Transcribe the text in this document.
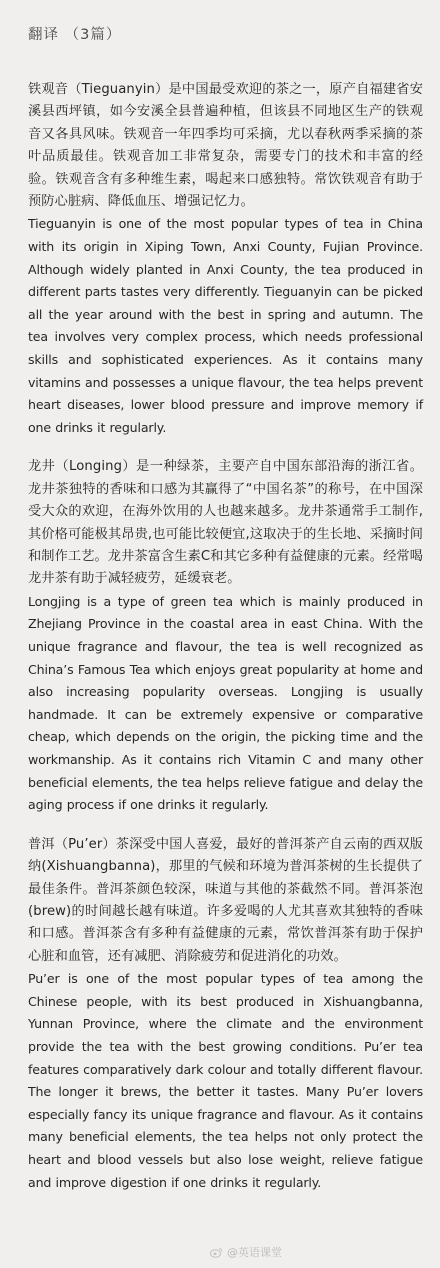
翻译 （3篇）

铁观音（Tieguanyin）是中国最受欢迎的茶之一，原产自福建省安溪县西坪镇，如今安溪全县普遍种植，但该县不同地区生产的铁观音又各具风味。铁观音一年四季均可采摘，尤以春秋两季采摘的茶叶品质最佳。铁观音加工非常复杂，需要专门的技术和丰富的经验。铁观音含有多种维生素，喝起来口感独特。常饮铁观音有助于预防心脏病、降低血压、增强记忆力。

Tieguanyin is one of the most popular types of tea in China with its origin in Xiping Town, Anxi County, Fujian Province. Although widely planted in Anxi County, the tea produced in different parts tastes very differently. Tieguanyin can be picked all the year around with the best in spring and autumn. The tea involves very complex process, which needs professional skills and sophisticated experiences. As it contains many vitamins and possesses a unique flavour, the tea helps prevent heart diseases, lower blood pressure and improve memory if one drinks it regularly.

龙井（Longing）是一种绿茶，主要产自中国东部沿海的浙江省。龙井茶独特的香味和口感为其赢得了“中国名茶”的称号，在中国深受大众的欢迎，在海外饮用的人也越来越多。龙井茶通常手工制作,其价格可能极其昂贵,也可能比较便宜,这取决于的生长地、采摘时间和制作工艺。龙井茶富含生素C和其它多种有益健康的元素。经常喝龙井茶有助于减轻疲劳，延缓衰老。

Longjing is a type of green tea which is mainly produced in Zhejiang Province in the coastal area in east China. With the unique fragrance and flavour, the tea is well recognized as China’s Famous Tea which enjoys great popularity at home and also increasing popularity overseas. Longjing is usually handmade. It can be extremely expensive or comparative cheap, which depends on the origin, the picking time and the workmanship. As it contains rich Vitamin C and many other beneficial elements, the tea helps relieve fatigue and delay the aging process if one drinks it regularly.

普洱（Pu’er）茶深受中国人喜爱，最好的普洱茶产自云南的西双版纳(Xishuangbanna)，那里的气候和环境为普洱茶树的生长提供了最佳条件。普洱茶颜色较深，味道与其他的茶截然不同。普洱茶泡(brew)的时间越长越有味道。许多爱喝的人尤其喜欢其独特的香味和口感。普洱茶含有多种有益健康的元素，常饮普洱茶有助于保护心脏和血管，还有减肥、消除疲劳和促进消化的功效。

Pu’er is one of the most popular types of tea among the Chinese people, with its best produced in Xishuangbanna, Yunnan Province, where the climate and the environment provide the tea with the best growing conditions. Pu’er tea features comparatively dark colour and totally different flavour. The longer it brews, the better it tastes. Many Pu’er lovers especially fancy its unique fragrance and flavour. As it contains many beneficial elements, the tea helps not only protect the heart and blood vessels but also lose weight, relieve fatigue and improve digestion if one drinks it regularly.

@英语课堂
